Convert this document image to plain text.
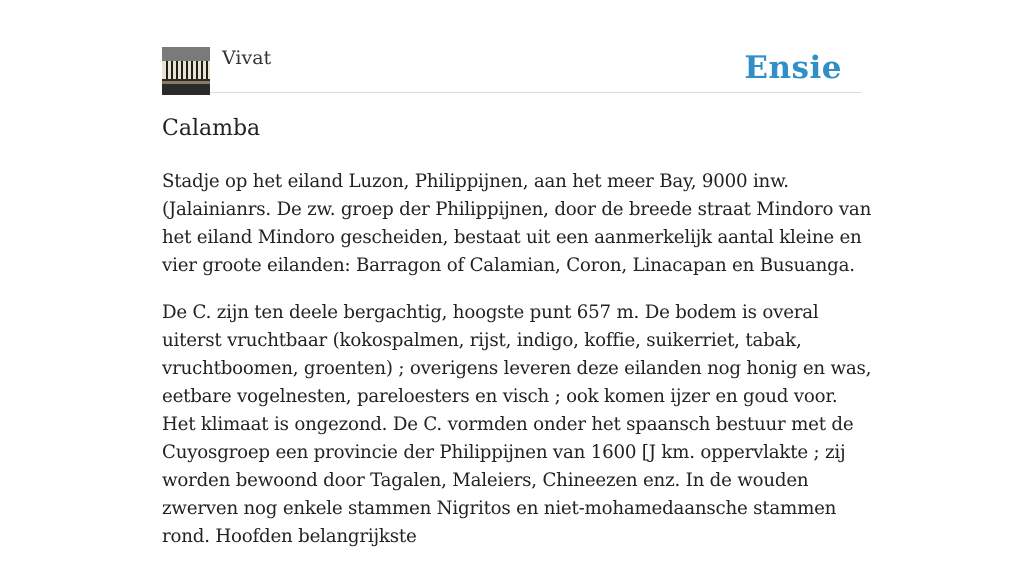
Vivat	Ensie
Calamba

Stadje op het eiland Luzon, Philippijnen, aan het meer Bay, 9000 inw. (Jalainianrs. De zw. groep der Philippijnen, door de breede straat Mindoro van het eiland Mindoro gescheiden, bestaat uit een aanmerkelijk aantal kleine en vier groote eilanden: Barragon of Calamian, Coron, Linacapan en Busuanga.

De C. zijn ten deele bergachtig, hoogste punt 657 m. De bodem is overal uiterst vruchtbaar (kokospalmen, rijst, indigo, koffie, suikerriet, tabak, vruchtboomen, groenten) ; overigens leveren deze eilanden nog honig en was, eetbare vogelnesten, pareloesters en visch ; ook komen ijzer en goud voor. Het klimaat is ongezond. De C. vormden onder het spaansch bestuur met de Cuyosgroep een provincie der Philippijnen van 1600 [J km. oppervlakte ; zij worden bewoond door Tagalen, Maleiers, Chineezen enz. In de wouden zwerven nog enkele stammen Nigritos en niet-mohamedaansche stammen rond. Hoofden belangrijkste
